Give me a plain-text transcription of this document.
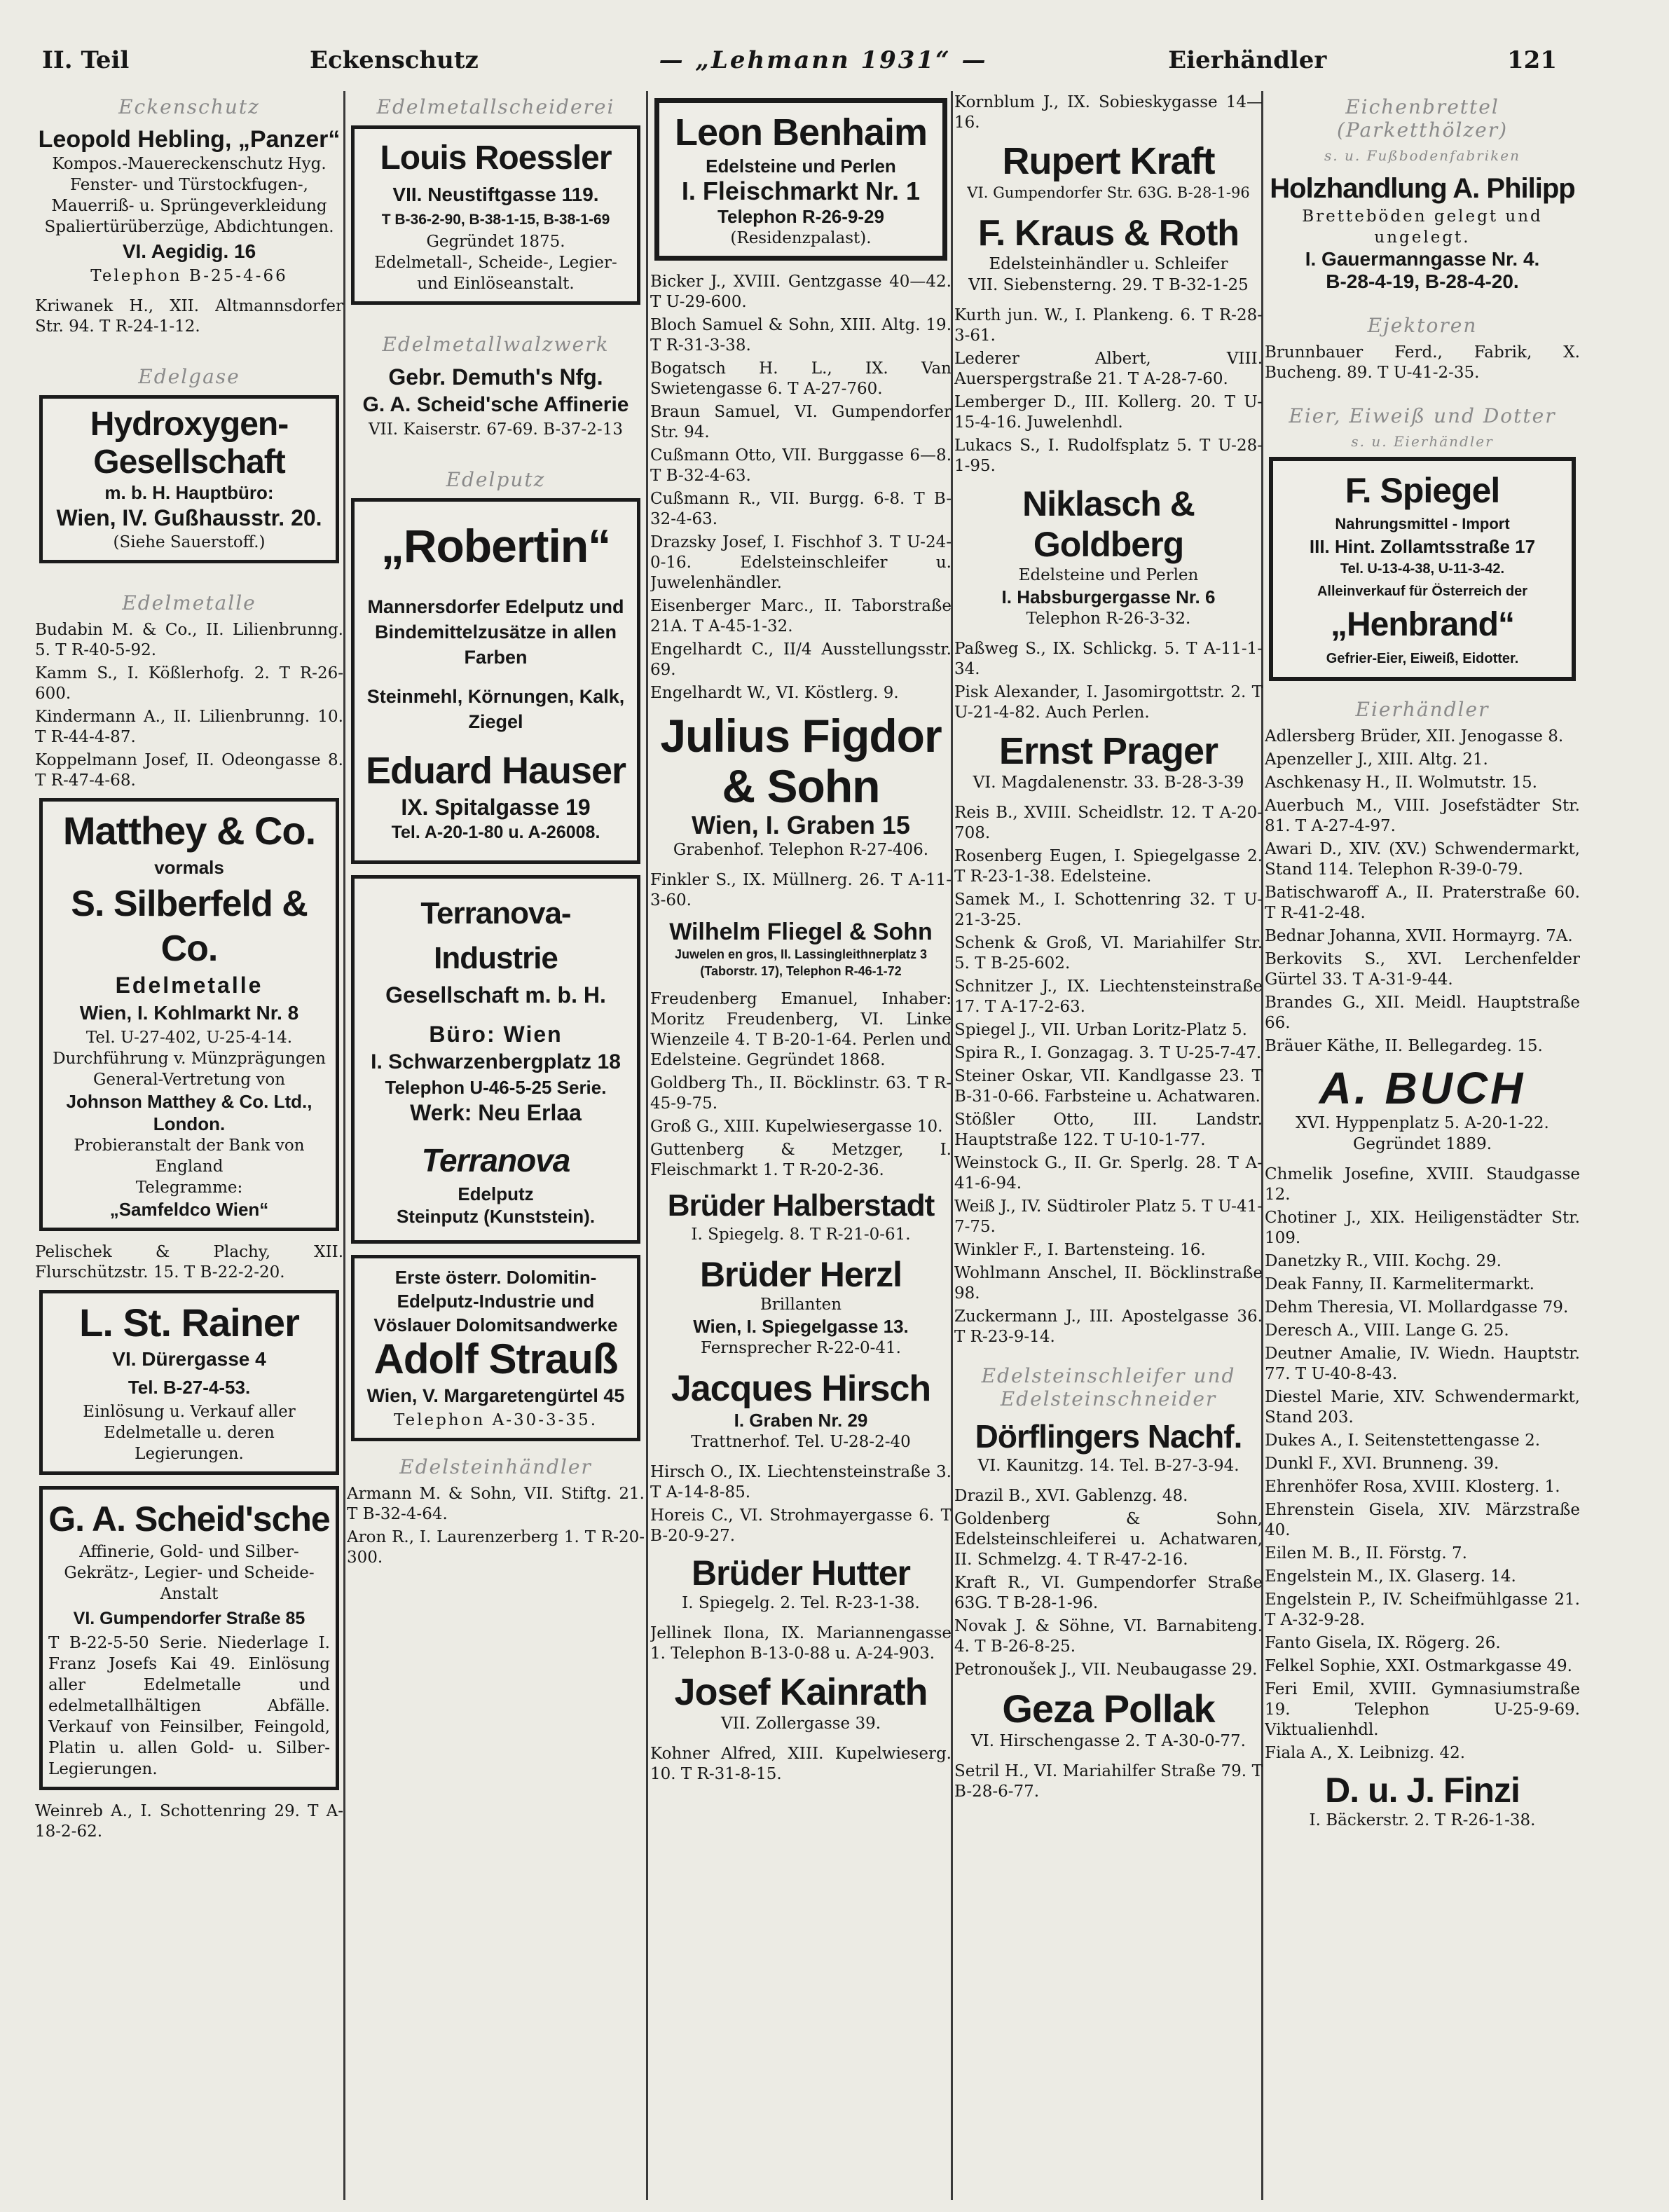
II. Teil	Eckenschutz	— „Lehmann 1931“ —	Eierhändler	121
Eckenschutz
Leopold Hebling, „Panzer“
Kompos.-Mauereckenschutz Hyg. Fenster- und Türstockfugen-, Mauerriß- u. Sprüngeverkleidung Spaliertürüberzüge, Abdichtungen.
VI. Aegidig. 16
Telephon B-25-4-66
Kriwanek H., XII. Altmannsdorfer Str. 94. T R-24-1-12.
Edelgase
Hydroxygen-
Gesellschaft
m. b. H. Hauptbüro:
Wien, IV. Gußhausstr. 20.
(Siehe Sauerstoff.)
Edelmetalle
Budabin M. & Co., II. Lilienbrunng. 5. T R-40-5-92.
Kamm S., I. Kößlerhofg. 2. T R-26-600.
Kindermann A., II. Lilienbrunng. 10. T R-44-4-87.
Koppelmann Josef, II. Odeongasse 8. T R-47-4-68.
Matthey & Co.
vormals
S. Silberfeld & Co.
Edelmetalle
Wien, I. Kohlmarkt Nr. 8
Tel. U-27-402, U-25-4-14.
Durchführung v. Münzprägungen
General-Vertretung von
Johnson Matthey & Co. Ltd., London.
Probieranstalt der Bank von England
Telegramme:
„Samfeldco Wien“
Pelischek & Plachy, XII. Flurschützstr. 15. T B-22-2-20.
L. St. Rainer
VI. Dürergasse 4
Tel. B-27-4-53.
Einlösung u. Verkauf aller Edelmetalle u. deren Legierungen.
G. A. Scheid'sche
Affinerie, Gold- und Silber-Gekrätz-, Legier- und Scheide-Anstalt
VI. Gumpendorfer Straße 85
T B-22-5-50 Serie. Niederlage I. Franz Josefs Kai 49. Einlösung aller Edelmetalle und edelmetallhältigen Abfälle. Verkauf von Feinsilber, Feingold, Platin u. allen Gold- u. Silber-Legierungen.
Weinreb A., I. Schottenring 29. T A-18-2-62.
Edelmetallscheiderei
Louis Roessler
VII. Neustiftgasse 119.
T B-36-2-90, B-38-1-15, B-38-1-69
Gegründet 1875.
Edelmetall-, Scheide-, Legier- und Einlöseanstalt.
Edelmetallwalzwerk
Gebr. Demuth's Nfg.
G. A. Scheid'sche Affinerie
VII. Kaiserstr. 67-69. B-37-2-13
Edelputz
„Robertin“
Mannersdorfer Edelputz und Bindemittelzusätze in allen Farben
Steinmehl, Körnungen, Kalk, Ziegel
Eduard Hauser
IX. Spitalgasse 19
Tel. A-20-1-80 u. A-26008.
Terranova-Industrie
Gesellschaft m. b. H.
Büro: Wien
I. Schwarzenbergplatz 18
Telephon U-46-5-25 Serie.
Werk: Neu Erlaa
Terranova
Edelputz
Steinputz (Kunststein).
Erste österr. Dolomitin-Edelputz-Industrie und Vöslauer Dolomitsandwerke
Adolf Strauß
Wien, V. Margaretengürtel 45
Telephon A-30-3-35.
Edelsteinhändler
Armann M. & Sohn, VII. Stiftg. 21. T B-32-4-64.
Aron R., I. Laurenzerberg 1. T R-20-300.
Leon Benhaim
Edelsteine und Perlen
I. Fleischmarkt Nr. 1
Telephon R-26-9-29
(Residenzpalast).
Bicker J., XVIII. Gentzgasse 40—42. T U-29-600.
Bloch Samuel & Sohn, XIII. Altg. 19. T R-31-3-38.
Bogatsch H. L., IX. Van Swietengasse 6. T A-27-760.
Braun Samuel, VI. Gumpendorfer Str. 94.
Cußmann Otto, VII. Burggasse 6—8. T B-32-4-63.
Cußmann R., VII. Burgg. 6-8. T B-32-4-63.
Drazsky Josef, I. Fischhof 3. T U-24-0-16. Edelsteinschleifer u. Juwelenhändler.
Eisenberger Marc., II. Taborstraße 21A. T A-45-1-32.
Engelhardt C., II/4 Ausstellungsstr. 69.
Engelhardt W., VI. Köstlerg. 9.
Julius Figdor
& Sohn
Wien, I. Graben 15
Grabenhof. Telephon R-27-406.
Finkler S., IX. Müllnerg. 26. T A-11-3-60.
Wilhelm Fliegel & Sohn
Juwelen en gros, II. Lassingleithnerplatz 3 (Taborstr. 17), Telephon R-46-1-72
Freudenberg Emanuel, Inhaber: Moritz Freudenberg, VI. Linke Wienzeile 4. T B-20-1-64. Perlen und Edelsteine. Gegründet 1868.
Goldberg Th., II. Böcklinstr. 63. T R-45-9-75.
Groß G., XIII. Kupelwiesergasse 10.
Guttenberg & Metzger, I. Fleischmarkt 1. T R-20-2-36.
Brüder Halberstadt
I. Spiegelg. 8. T R-21-0-61.
Brüder Herzl
Brillanten
Wien, I. Spiegelgasse 13.
Fernsprecher R-22-0-41.
Jacques Hirsch
I. Graben Nr. 29
Trattnerhof. Tel. U-28-2-40
Hirsch O., IX. Liechtensteinstraße 3. T A-14-8-85.
Horeis C., VI. Strohmayergasse 6. T B-20-9-27.
Brüder Hutter
I. Spiegelg. 2. Tel. R-23-1-38.
Jellinek Ilona, IX. Mariannengasse 1. Telephon B-13-0-88 u. A-24-903.
Josef Kainrath
VII. Zollergasse 39.
Kohner Alfred, XIII. Kupelwieserg. 10. T R-31-8-15.
Kornblum J., IX. Sobieskygasse 14—16.
Rupert Kraft
VI. Gumpendorfer Str. 63G. B-28-1-96
F. Kraus & Roth
Edelsteinhändler u. Schleifer
VII. Siebensterng. 29. T B-32-1-25
Kurth jun. W., I. Plankeng. 6. T R-28-3-61.
Lederer Albert, VIII. Auerspergstraße 21. T A-28-7-60.
Lemberger D., III. Kollerg. 20. T U-15-4-16. Juwelenhdl.
Lukacs S., I. Rudolfsplatz 5. T U-28-1-95.
Niklasch & Goldberg
Edelsteine und Perlen
I. Habsburgergasse Nr. 6
Telephon R-26-3-32.
Paßweg S., IX. Schlickg. 5. T A-11-1-34.
Pisk Alexander, I. Jasomirgottstr. 2. T U-21-4-82. Auch Perlen.
Ernst Prager
VI. Magdalenenstr. 33. B-28-3-39
Reis B., XVIII. Scheidlstr. 12. T A-20-708.
Rosenberg Eugen, I. Spiegelgasse 2. T R-23-1-38. Edelsteine.
Samek M., I. Schottenring 32. T U-21-3-25.
Schenk & Groß, VI. Mariahilfer Str. 5. T B-25-602.
Schnitzer J., IX. Liechtensteinstraße 17. T A-17-2-63.
Spiegel J., VII. Urban Loritz-Platz 5.
Spira R., I. Gonzagag. 3. T U-25-7-47.
Steiner Oskar, VII. Kandlgasse 23. T B-31-0-66. Farbsteine u. Achatwaren.
Stößler Otto, III. Landstr. Hauptstraße 122. T U-10-1-77.
Weinstock G., II. Gr. Sperlg. 28. T A-41-6-94.
Weiß J., IV. Südtiroler Platz 5. T U-41-7-75.
Winkler F., I. Bartensteing. 16.
Wohlmann Anschel, II. Böcklinstraße 98.
Zuckermann J., III. Apostelgasse 36. T R-23-9-14.
Edelsteinschleifer und Edelsteinschneider
Dörflingers Nachf.
VI. Kaunitzg. 14. Tel. B-27-3-94.
Drazil B., XVI. Gablenzg. 48.
Goldenberg & Sohn, Edelsteinschleiferei u. Achatwaren, II. Schmelzg. 4. T R-47-2-16.
Kraft R., VI. Gumpendorfer Straße 63G. T B-28-1-96.
Novak J. & Söhne, VI. Barnabiteng. 4. T B-26-8-25.
Petronoušek J., VII. Neubaugasse 29.
Geza Pollak
VI. Hirschengasse 2. T A-30-0-77.
Setril H., VI. Mariahilfer Straße 79. T B-28-6-77.
Eichenbrettel (Parketthölzer)
s. u. Fußbodenfabriken
Holzhandlung A. Philipp
Bretteböden gelegt und ungelegt.
I. Gauermanngasse Nr. 4.
B-28-4-19, B-28-4-20.
Ejektoren
Brunnbauer Ferd., Fabrik, X. Bucheng. 89. T U-41-2-35.
Eier, Eiweiß und Dotter
s. u. Eierhändler
F. Spiegel
Nahrungsmittel - Import
III. Hint. Zollamtsstraße 17
Tel. U-13-4-38, U-11-3-42.
Alleinverkauf für Österreich der
„Henbrand“
Gefrier-Eier, Eiweiß, Eidotter.
Eierhändler
Adlersberg Brüder, XII. Jenogasse 8.
Apenzeller J., XIII. Altg. 21.
Aschkenasy H., II. Wolmutstr. 15.
Auerbuch M., VIII. Josefstädter Str. 81. T A-27-4-97.
Awari D., XIV. (XV.) Schwendermarkt, Stand 114. Telephon R-39-0-79.
Batischwaroff A., II. Praterstraße 60. T R-41-2-48.
Bednar Johanna, XVII. Hormayrg. 7A.
Berkovits S., XVI. Lerchenfelder Gürtel 33. T A-31-9-44.
Brandes G., XII. Meidl. Hauptstraße 66.
Bräuer Käthe, II. Bellegardeg. 15.
A. BUCH
XVI. Hyppenplatz 5. A-20-1-22.
Gegründet 1889.
Chmelik Josefine, XVIII. Staudgasse 12.
Chotiner J., XIX. Heiligenstädter Str. 109.
Danetzky R., VIII. Kochg. 29.
Deak Fanny, II. Karmelitermarkt.
Dehm Theresia, VI. Mollardgasse 79.
Deresch A., VIII. Lange G. 25.
Deutner Amalie, IV. Wiedn. Hauptstr. 77. T U-40-8-43.
Diestel Marie, XIV. Schwendermarkt, Stand 203.
Dukes A., I. Seitenstettengasse 2.
Dunkl F., XVI. Brunneng. 39.
Ehrenhöfer Rosa, XVIII. Klosterg. 1.
Ehrenstein Gisela, XIV. Märzstraße 40.
Eilen M. B., II. Förstg. 7.
Engelstein M., IX. Glaserg. 14.
Engelstein P., IV. Scheifmühlgasse 21. T A-32-9-28.
Fanto Gisela, IX. Rögerg. 26.
Felkel Sophie, XXI. Ostmarkgasse 49.
Feri Emil, XVIII. Gymnasiumstraße 19. Telephon U-25-9-69. Viktualienhdl.
Fiala A., X. Leibnizg. 42.
D. u. J. Finzi
I. Bäckerstr. 2. T R-26-1-38.
